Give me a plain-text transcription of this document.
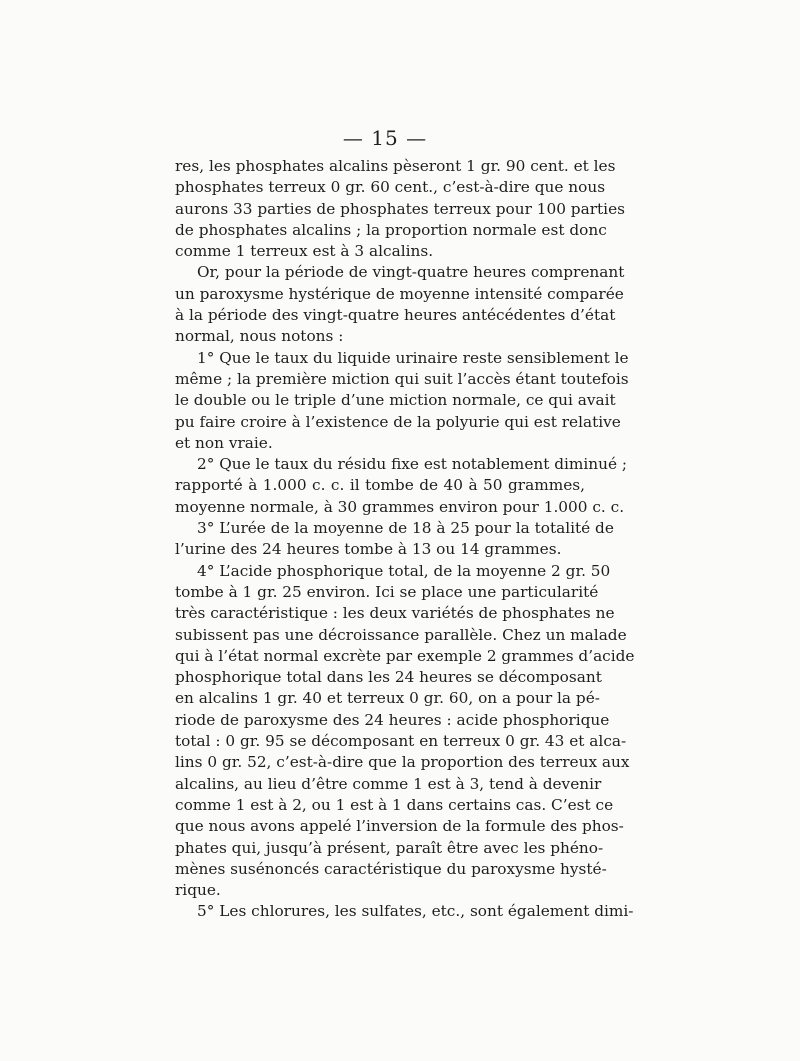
— 15 —
res, les phosphates alcalins pèseront 1 gr. 90 cent. et les
phosphates terreux 0 gr. 60 cent., c’est-à-dire que nous
aurons 33 parties de phosphates terreux pour 100 parties
de phosphates alcalins ; la proportion normale est donc
comme 1 terreux est à 3 alcalins.
Or, pour la période de vingt-quatre heures comprenant
un paroxysme hystérique de moyenne intensité comparée
à la période des vingt-quatre heures antécédentes d’état
normal, nous notons :
1° Que le taux du liquide urinaire reste sensiblement le
même ; la première miction qui suit l’accès étant toutefois
le double ou le triple d’une miction normale, ce qui avait
pu faire croire à l’existence de la polyurie qui est relative
et non vraie.
2° Que le taux du résidu fixe est notablement diminué ;
rapporté à 1.000 c. c. il tombe de 40 à 50 grammes,
moyenne normale, à 30 grammes environ pour 1.000 c. c.
3° L’urée de la moyenne de 18 à 25 pour la totalité de
l’urine des 24 heures tombe à 13 ou 14 grammes.
4° L’acide phosphorique total, de la moyenne 2 gr. 50
tombe à 1 gr. 25 environ. Ici se place une particularité
très caractéristique : les deux variétés de phosphates ne
subissent pas une décroissance parallèle. Chez un malade
qui à l’état normal excrète par exemple 2 grammes d’acide
phosphorique total dans les 24 heures se décomposant
en alcalins 1 gr. 40 et terreux 0 gr. 60, on a pour la pé-
riode de paroxysme des 24 heures : acide phosphorique
total : 0 gr. 95 se décomposant en terreux 0 gr. 43 et alca-
lins 0 gr. 52, c’est-à-dire que la proportion des terreux aux
alcalins, au lieu d’être comme 1 est à 3, tend à devenir
comme 1 est à 2, ou 1 est à 1 dans certains cas. C’est ce
que nous avons appelé l’inversion de la formule des phos-
phates qui, jusqu’à présent, paraît être avec les phéno-
mènes susénoncés caractéristique du paroxysme hysté-
rique.
5° Les chlorures, les sulfates, etc., sont également dimi-
